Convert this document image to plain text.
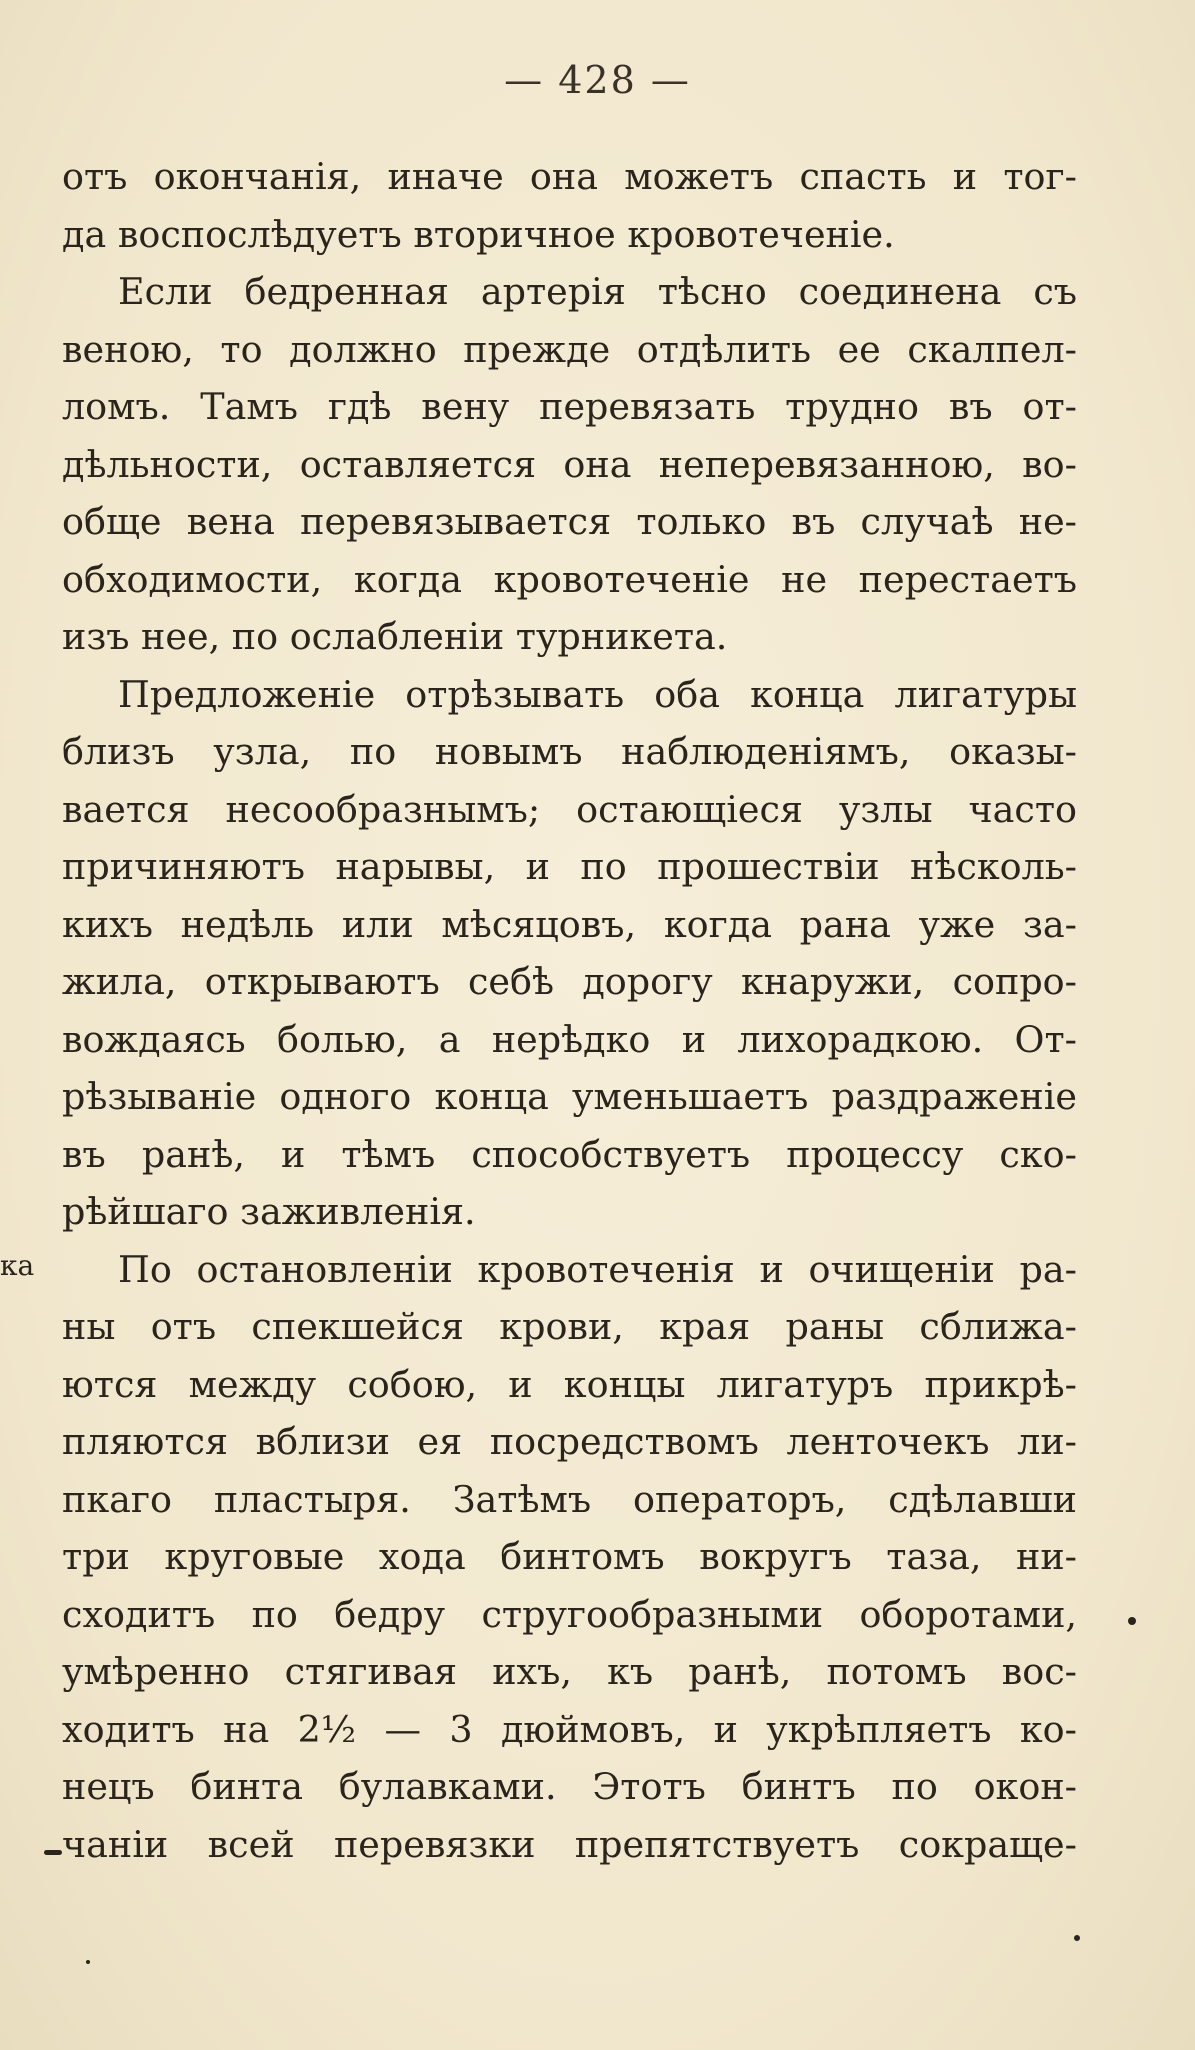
— 428 —
ка
отъ окончанія, иначе она можетъ спасть и тог-
да воспослѣдуетъ вторичное кровотеченіе.
Если бедренная артерія тѣсно соединена съ
веною, то должно прежде отдѣлить ее скалпел-
ломъ. Тамъ гдѣ вену перевязать трудно въ от-
дѣльности, оставляется она неперевязанною, во-
обще вена перевязывается только въ случаѣ не-
обходимости, когда кровотеченіе не перестаетъ
изъ нее, по ослабленіи турникета.
Предложеніе отрѣзывать оба конца лигатуры
близъ узла, по новымъ наблюденіямъ, оказы-
вается несообразнымъ; остающіеся узлы часто
причиняютъ нарывы, и по прошествіи нѣсколь-
кихъ недѣль или мѣсяцовъ, когда рана уже за-
жила, открываютъ себѣ дорогу кнаружи, сопро-
вождаясь болью, а нерѣдко и лихорадкою. От-
рѣзываніе одного конца уменьшаетъ раздраженіе
въ ранѣ, и тѣмъ способствуетъ процессу ско-
рѣйшаго заживленія.
По остановленіи кровотеченія и очищеніи ра-
ны отъ спекшейся крови, края раны сближа-
ются между собою, и концы лигатуръ прикрѣ-
пляются вблизи ея посредствомъ ленточекъ ли-
пкаго пластыря. Затѣмъ операторъ, сдѣлавши
три круговые хода бинтомъ вокругъ таза, ни-
сходитъ по бедру стругообразными оборотами,
умѣренно стягивая ихъ, къ ранѣ, потомъ вос-
ходитъ на 2½ — 3 дюймовъ, и укрѣпляетъ ко-
нецъ бинта булавками. Этотъ бинтъ по окон-
чаніи всей перевязки препятствуетъ сокраще-
